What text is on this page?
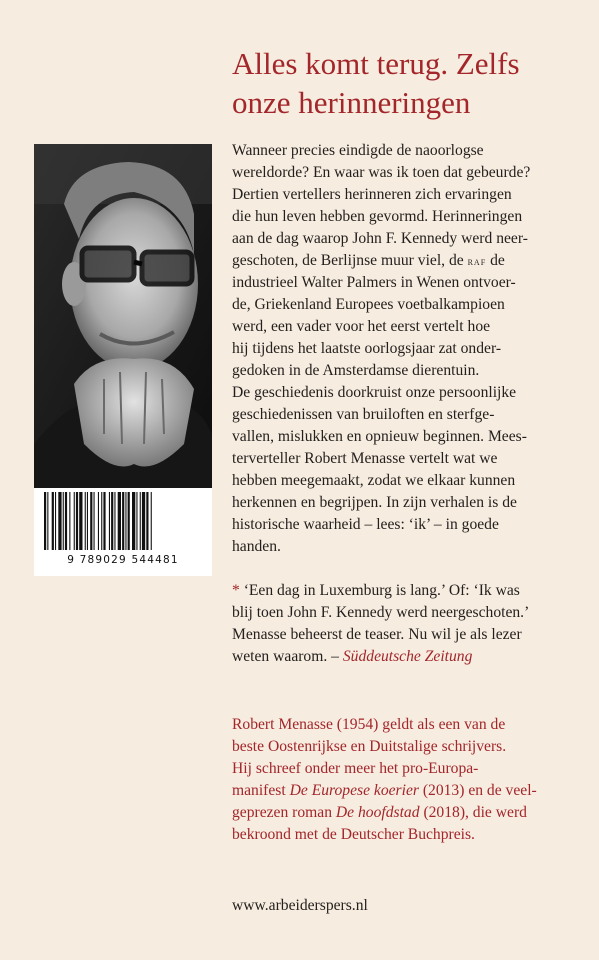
Alles komt terug. Zelfs
onze herinneringen
9 789029 544481
Wanneer precies eindigde de naoorlogse
wereldorde? En waar was ik toen dat gebeurde?
Dertien vertellers herinneren zich ervaringen
die hun leven hebben gevormd. Herinneringen
aan de dag waarop John F. Kennedy werd neer-
geschoten, de Berlijnse muur viel, de raf de
industrieel Walter Palmers in Wenen ontvoer-
de, Griekenland Europees voetbalkampioen
werd, een vader voor het eerst vertelt hoe
hij tijdens het laatste oorlogsjaar zat onder-
gedoken in de Amsterdamse dierentuin.
De geschiedenis doorkruist onze persoonlijke
geschiedenissen van bruiloften en sterfge-
vallen, mislukken en opnieuw beginnen. Mees-
terverteller Robert Menasse vertelt wat we
hebben meegemaakt, zodat we elkaar kunnen
herkennen en begrijpen. In zijn verhalen is de
historische waarheid – lees: ‘ik’ – in goede
handen.
* ‘Een dag in Luxemburg is lang.’ Of: ‘Ik was
blij toen John F. Kennedy werd neergeschoten.’
Menasse beheerst de teaser. Nu wil je als lezer
weten waarom. – Süddeutsche Zeitung
Robert Menasse (1954) geldt als een van de
beste Oostenrijkse en Duitstalige schrijvers.
Hij schreef onder meer het pro-Europa-
manifest De Europese koerier (2013) en de veel-
geprezen roman De hoofdstad (2018), die werd
bekroond met de Deutscher Buchpreis.
www.arbeiderspers.nl
